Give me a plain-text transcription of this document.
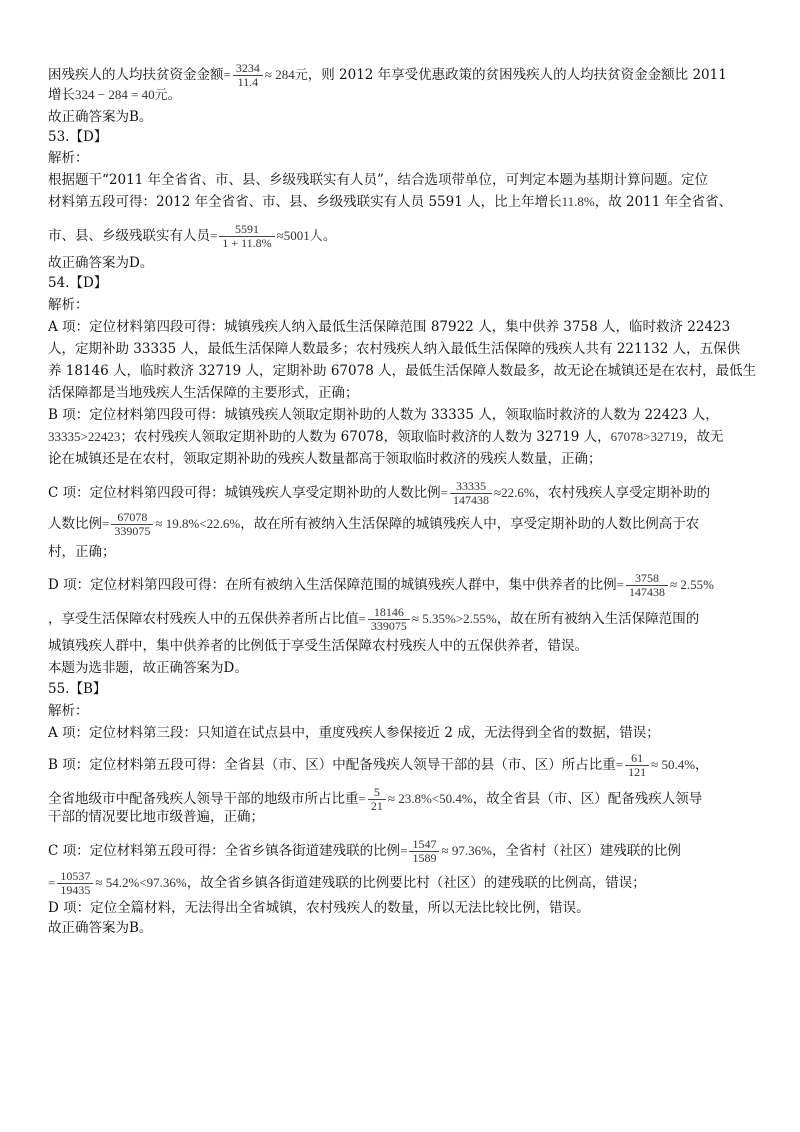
困残疾人的人均扶贫资金金额= $\frac{3234}{11.4} \approx 284$元，则 2012 年享受优惠政策的贫困残疾人的人均扶贫资金金额比 2011
增长324 − 284 = 40元。
故正确答案为B。
53.【D】
解析：
根据题干“2011 年全省省、市、县、乡级残联实有人员”，结合选项带单位，可判定本题为基期计算问题。定位
材料第五段可得：2012 年全省省、市、县、乡级残联实有人员 5591 人，比上年增长11.8%，故 2011 年全省省、
市、县、乡级残联实有人员= $\frac{5591}{1 + 11.8\%} \approx 5001$人。
故正确答案为D。
54.【D】
解析：
A 项：定位材料第四段可得：城镇残疾人纳入最低生活保障范围 87922 人，集中供养 3758 人，临时救济 22423
人，定期补助 33335 人，最低生活保障人数最多；农村残疾人纳入最低生活保障的残疾人共有 221132 人，五保供
养 18146 人，临时救济 32719 人，定期补助 67078 人，最低生活保障人数最多，故无论在城镇还是在农村，最低生
活保障都是当地残疾人生活保障的主要形式，正确；
B 项：定位材料第四段可得：城镇残疾人领取定期补助的人数为 33335 人，领取临时救济的人数为 22423 人，
33335>22423；农村残疾人领取定期补助的人数为 67078，领取临时救济的人数为 32719 人，67078>32719，故无
论在城镇还是在农村，领取定期补助的残疾人数量都高于领取临时救济的残疾人数量，正确；
C 项：定位材料第四段可得：城镇残疾人享受定期补助的人数比例= $\frac{33335}{147438} \approx 22.6\%$，农村残疾人享受定期补助的
人数比例= $\frac{67078}{339075} \approx 19.8\%<22.6\%$，故在所有被纳入生活保障的城镇残疾人中，享受定期补助的人数比例高于农
村，正确；
D 项：定位材料第四段可得：在所有被纳入生活保障范围的城镇残疾人群中，集中供养者的比例= $\frac{3758}{147438} \approx 2.55\%$
，享受生活保障农村残疾人中的五保供养者所占比值= $\frac{18146}{339075} \approx 5.35\%>2.55\%$，故在所有被纳入生活保障范围的
城镇残疾人群中，集中供养者的比例低于享受生活保障农村残疾人中的五保供养者，错误。
本题为选非题，故正确答案为D。
55.【B】
解析：
A 项：定位材料第三段：只知道在试点县中，重度残疾人参保接近 2 成，无法得到全省的数据，错误；
B 项：定位材料第五段可得：全省县（市、区）中配备残疾人领导干部的县（市、区）所占比重= $\frac{61}{121} \approx 50.4\%$，
全省地级市中配备残疾人领导干部的地级市所占比重= $\frac{5}{21} \approx 23.8\%<50.4\%$，故全省县（市、区）配备残疾人领导
干部的情况要比地市级普遍，正确；
C 项：定位材料第五段可得：全省乡镇各街道建残联的比例= $\frac{1547}{1589} \approx 97.36\%$，全省村（社区）建残联的比例
= $\frac{10537}{19435} \approx 54.2\%<97.36\%$，故全省乡镇各街道建残联的比例要比村（社区）的建残联的比例高，错误；
D 项：定位全篇材料，无法得出全省城镇，农村残疾人的数量，所以无法比较比例，错误。
故正确答案为B。
